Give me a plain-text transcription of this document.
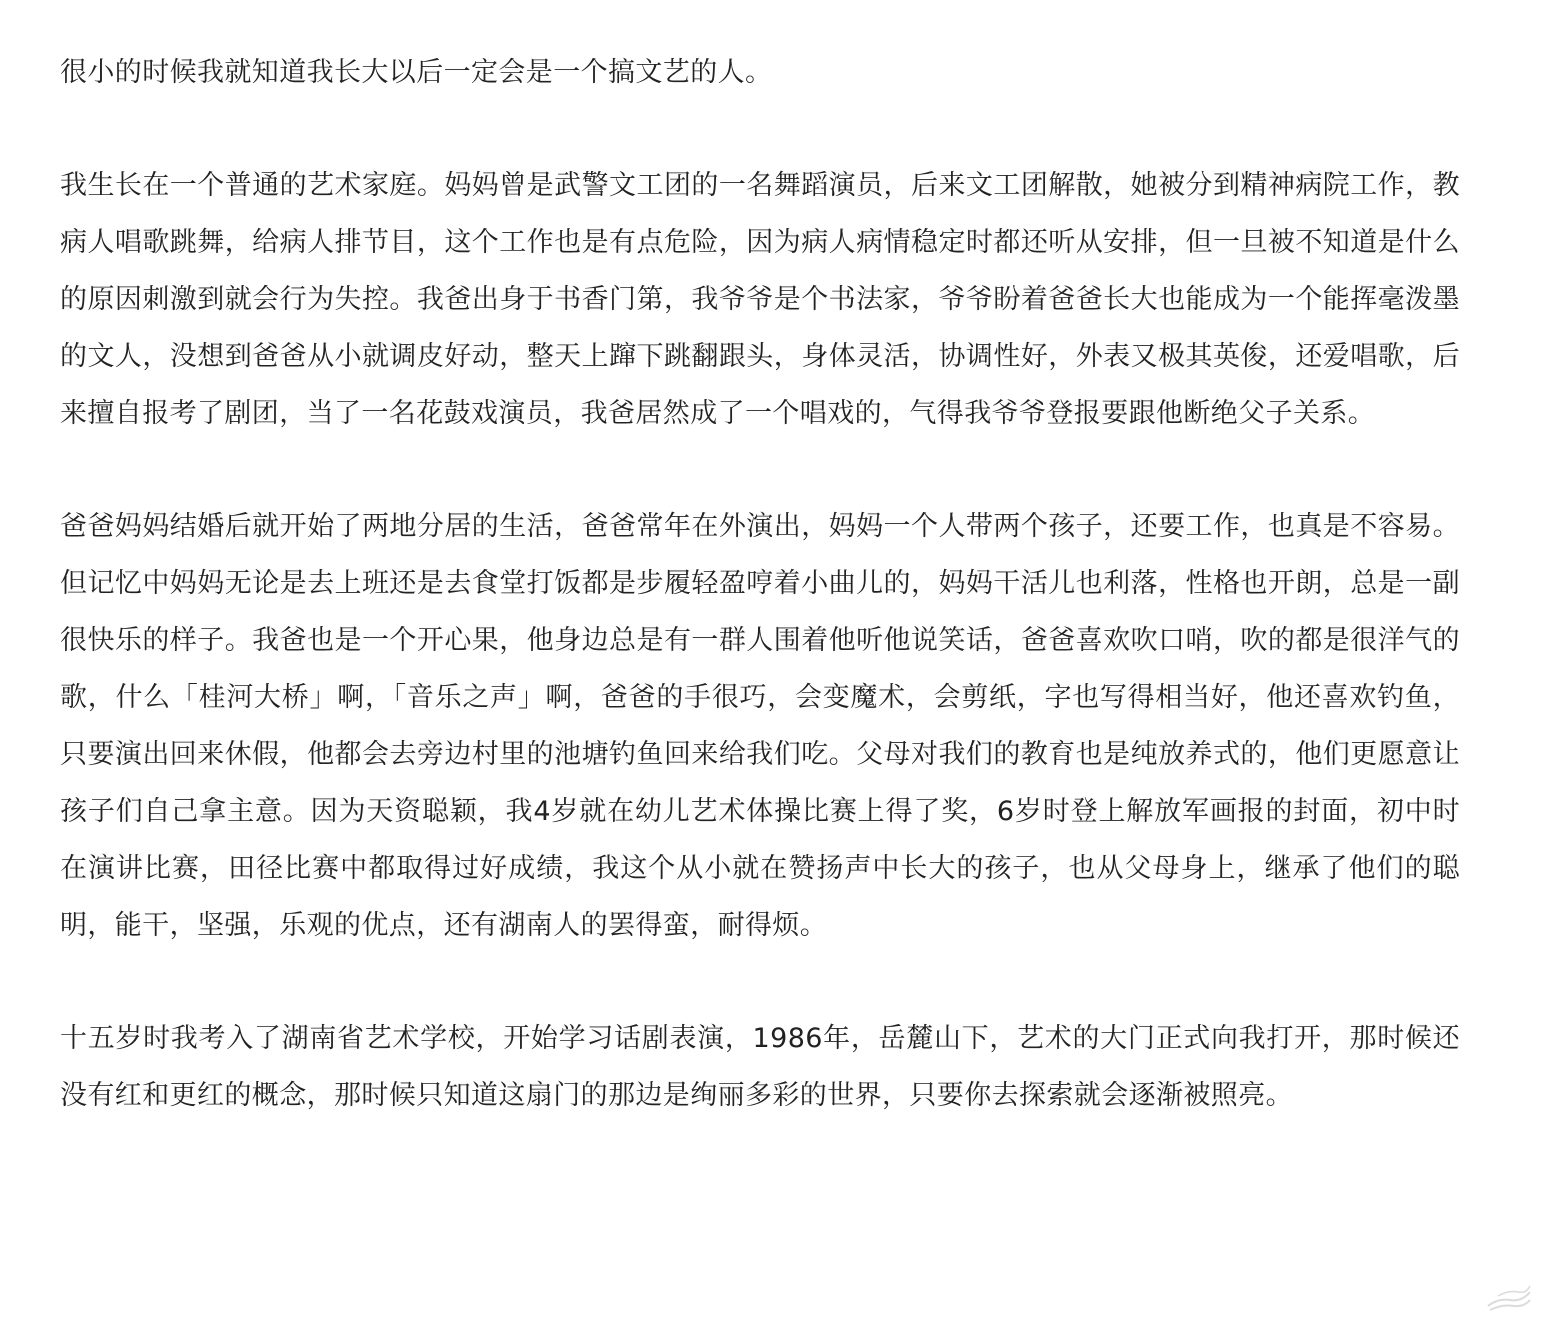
很小的时候我就知道我长大以后一定会是一个搞文艺的人。

我生长在一个普通的艺术家庭。妈妈曾是武警文工团的一名舞蹈演员，后来文工团解散，她被分到精神病院工作，教病人唱歌跳舞，给病人排节目，这个工作也是有点危险，因为病人病情稳定时都还听从安排，但一旦被不知道是什么的原因刺激到就会行为失控。我爸出身于书香门第，我爷爷是个书法家，爷爷盼着爸爸长大也能成为一个能挥毫泼墨的文人，没想到爸爸从小就调皮好动，整天上蹿下跳翻跟头，身体灵活，协调性好，外表又极其英俊，还爱唱歌，后来擅自报考了剧团，当了一名花鼓戏演员，我爸居然成了一个唱戏的，气得我爷爷登报要跟他断绝父子关系。

爸爸妈妈结婚后就开始了两地分居的生活，爸爸常年在外演出，妈妈一个人带两个孩子，还要工作，也真是不容易。但记忆中妈妈无论是去上班还是去食堂打饭都是步履轻盈哼着小曲儿的，妈妈干活儿也利落，性格也开朗，总是一副很快乐的样子。我爸也是一个开心果，他身边总是有一群人围着他听他说笑话，爸爸喜欢吹口哨，吹的都是很洋气的歌，什么「桂河大桥」啊，「音乐之声」啊，爸爸的手很巧，会变魔术，会剪纸，字也写得相当好，他还喜欢钓鱼，只要演出回来休假，他都会去旁边村里的池塘钓鱼回来给我们吃。父母对我们的教育也是纯放养式的，他们更愿意让孩子们自己拿主意。因为天资聪颖，我4岁就在幼儿艺术体操比赛上得了奖，6岁时登上解放军画报的封面，初中时在演讲比赛，田径比赛中都取得过好成绩，我这个从小就在赞扬声中长大的孩子，也从父母身上，继承了他们的聪明，能干，坚强，乐观的优点，还有湖南人的罢得蛮，耐得烦。

十五岁时我考入了湖南省艺术学校，开始学习话剧表演，1986年，岳麓山下，艺术的大门正式向我打开，那时候还没有红和更红的概念，那时候只知道这扇门的那边是绚丽多彩的世界，只要你去探索就会逐渐被照亮。
